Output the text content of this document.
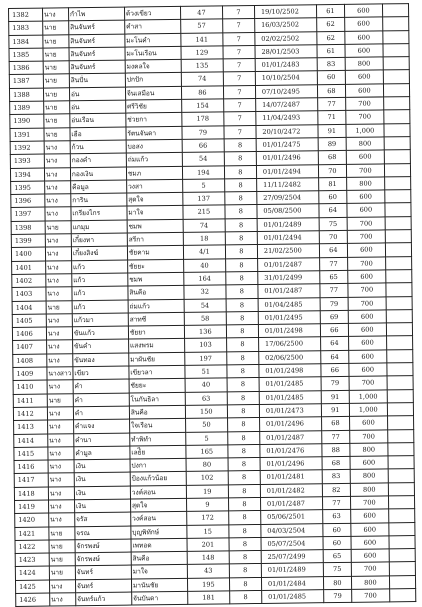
1382	นาง	กำไพ	ด้วงเขียว	47	7	19/10/2502	61	600	
1383	นาย	สินจันทร์	คำสา	57	7	16/03/2502	62	600	
1384	นาย	สินจันทร์	มะโนคำ	141	7	02/02/2502	62	600	
1385	นาย	สินจันทร์	มะโนเรือน	129	7	28/01/2503	61	600	
1386	นาย	สินจันทร์	มงคลใจ	135	7	01/01/2483	83	800	
1387	นาย	สินปั่น	ปกปัก	74	7	10/10/2504	60	600	
1388	นาย	อ่น	จีนเสมือน	86	7	07/10/2495	68	600	
1389	นาย	อ่น	ศรีวิชัย	154	7	14/07/2487	77	700	
1390	นาย	อ่นเรือน	ช่วยกา	178	7	11/04/2493	71	700	
1391	นาย	เฮือ	รัตนจันดา	79	7	20/10/2472	91	1,000	
1392	นาง	ก้วน	บอสง	66	8	01/01/2475	89	800	
1393	นาง	กองคำ	ถ่มแก้ว	54	8	01/01/2496	68	600	
1394	นาง	กองเงิน	ชมภ	194	8	01/01/2494	70	700	
1395	นาง	คือมูล	วงสา	5	8	11/11/2482	81	800	
1396	นาง	การิน	สุดใจ	137	8	27/09/2504	60	600	
1397	นาง	เกรียงไกร	มาใจ	215	8	05/08/2500	64	600	
1398	นาย	แกมุม	ชมพ	74	8	01/01/2489	75	700	
1399	นาง	เกี๋ยงทา	สรีกา	18	8	01/01/2494	70	700	
1400	นาง	เกี๋ยงสิงฆ์	ชัยคาม	4/1	8	21/02/2500	64	600	
1401	นาง	แก้ว	ชัยยะ	40	8	01/01/2487	77	700	
1402	นาง	แก้ว	ชมพ	164	8	31/01/2499	65	600	
1403	นาง	แก้ว	สินคือ	32	8	01/01/2487	77	700	
1404	นาย	แก้ว	ถ่มแก้ว	54	8	01/04/2485	79	700	
1405	นาง	แก้วมา	สาทซี	58	8	01/01/2495	69	600	
1406	นาง	ขันแก้ว	ชัยยา	136	8	01/01/2498	66	600	
1407	นาง	ขันคำ	แสงพรม	103	8	17/06/2500	64	600	
1408	นาง	ขันทอง	มาผันชัย	197	8	02/06/2500	64	600	
1409	นางสาว	เขียว	เขียวลา	51	8	01/01/2498	66	600	
1410	นาง	คำ	ชัยยะ	40	8	01/01/2485	79	700	
1411	นาย	คำ	โนกันธิลา	63	8	01/01/2485	91	1,000	
1412	นาง	คำ	สินคือ	150	8	01/01/2473	91	1,000	
1413	นาง	คำแจง	ใจเรือน	50	8	01/01/2496	68	600	
1414	นาง	คำนา	ทำพิทำ	5	8	01/01/2487	77	700	
1415	นาง	คำมูล	เลย์ีย	165	8	01/01/2476	88	800	
1416	นาง	เงิน	ปงกา	80	8	01/01/2496	68	600	
1417	นาง	เงิน	ป้องแก้วน้อย	102	8	01/01/2481	83	800	
1418	นาง	เงิน	วงค์สอน	19	8	01/01/2482	82	800	
1419	นาง	เงิน	สุดใจ	9	8	01/01/2487	77	700	
1420	นาง	จรัส	วงค์สอน	172	8	05/06/2501	63	600	
1421	นาย	จรณ	บุญพิทักษ์	15	8	04/03/2504	60	600	
1422	นาย	จักรพงษ์	เพทอด	201	8	05/07/2504	60	600	
1423	นาย	จักรพงษ์	สินคือ	148	8	25/07/2499	65	600	
1424	นาย	จันทร์	มาใจ	43	8	01/01/2489	75	700	
1425	นาง	จันทร์	มานันชัย	195	8	01/01/2484	80	800	
1426	นาง	จันทร์แก้ว	จันบันดา	181	8	01/01/2485	79	700	
